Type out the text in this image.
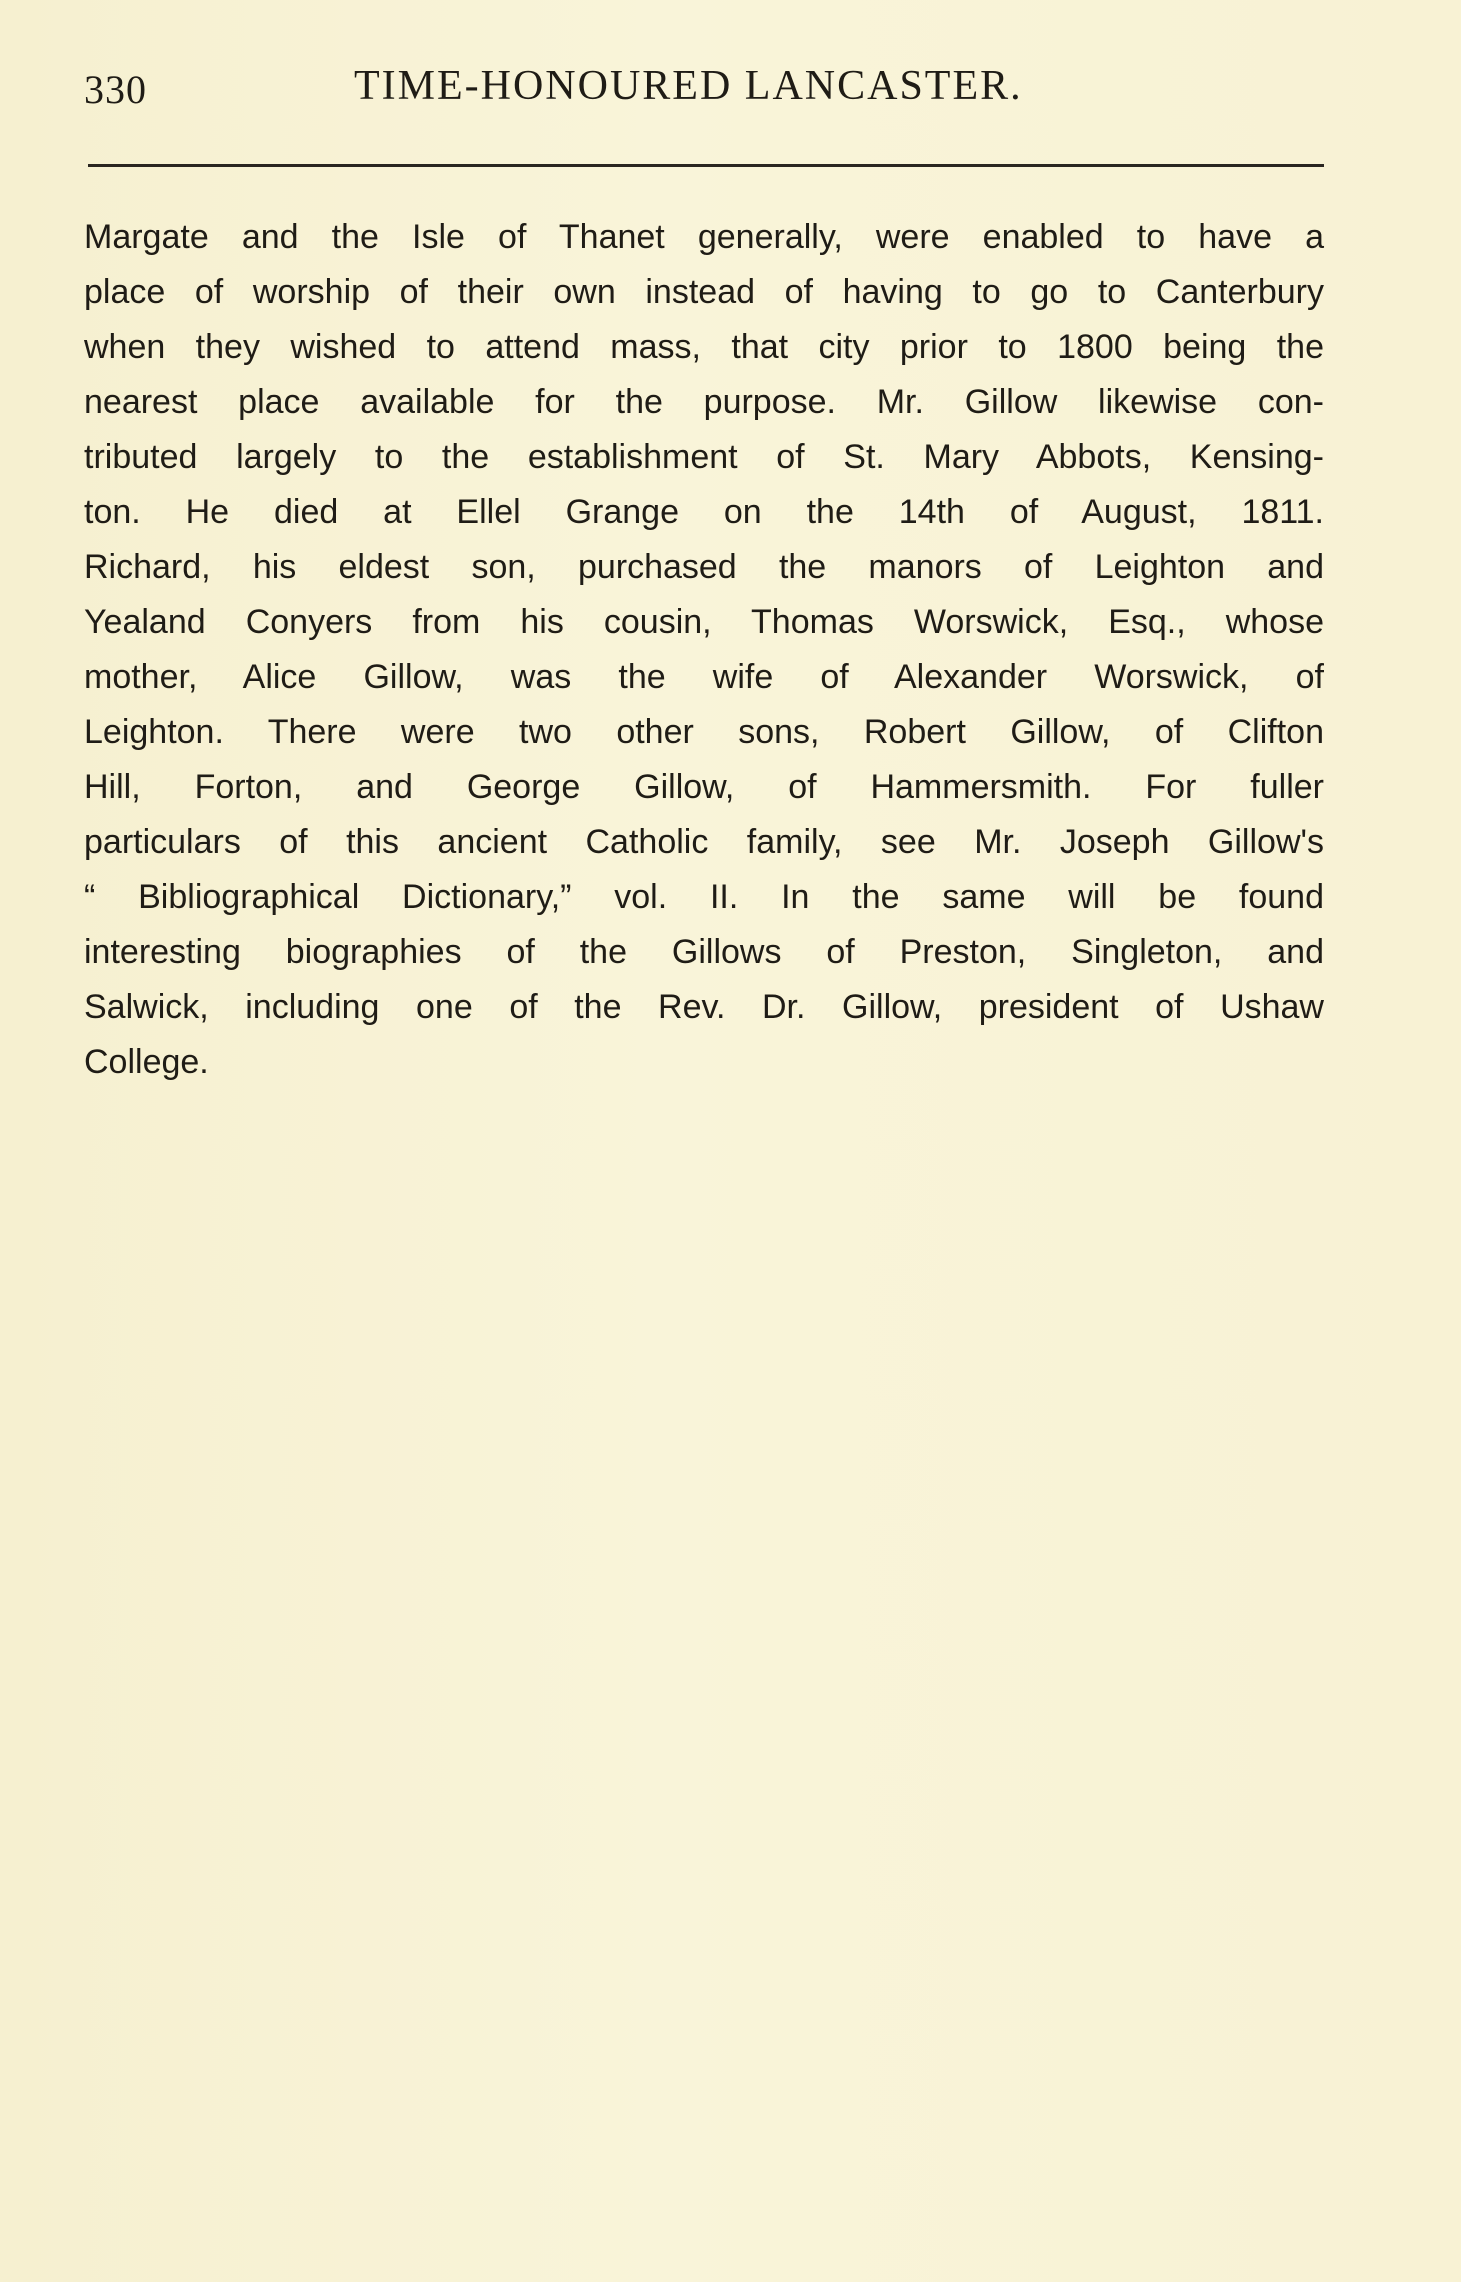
330	TIME-HONOURED LANCASTER.
Margate and the Isle of Thanet generally, were enabled to have a
place of worship of their own instead of having to go to Canterbury
when they wished to attend mass, that city prior to 1800 being the
nearest place available for the purpose. Mr. Gillow likewise con-
tributed largely to the establishment of St. Mary Abbots, Kensing-
ton. He died at Ellel Grange on the 14th of August, 1811.
Richard, his eldest son, purchased the manors of Leighton and
Yealand Conyers from his cousin, Thomas Worswick, Esq., whose
mother, Alice Gillow, was the wife of Alexander Worswick, of
Leighton. There were two other sons, Robert Gillow, of Clifton
Hill, Forton, and George Gillow, of Hammersmith. For fuller
particulars of this ancient Catholic family, see Mr. Joseph Gillow's
“ Bibliographical Dictionary,” vol. II. In the same will be found
interesting biographies of the Gillows of Preston, Singleton, and
Salwick, including one of the Rev. Dr. Gillow, president of Ushaw
College.
